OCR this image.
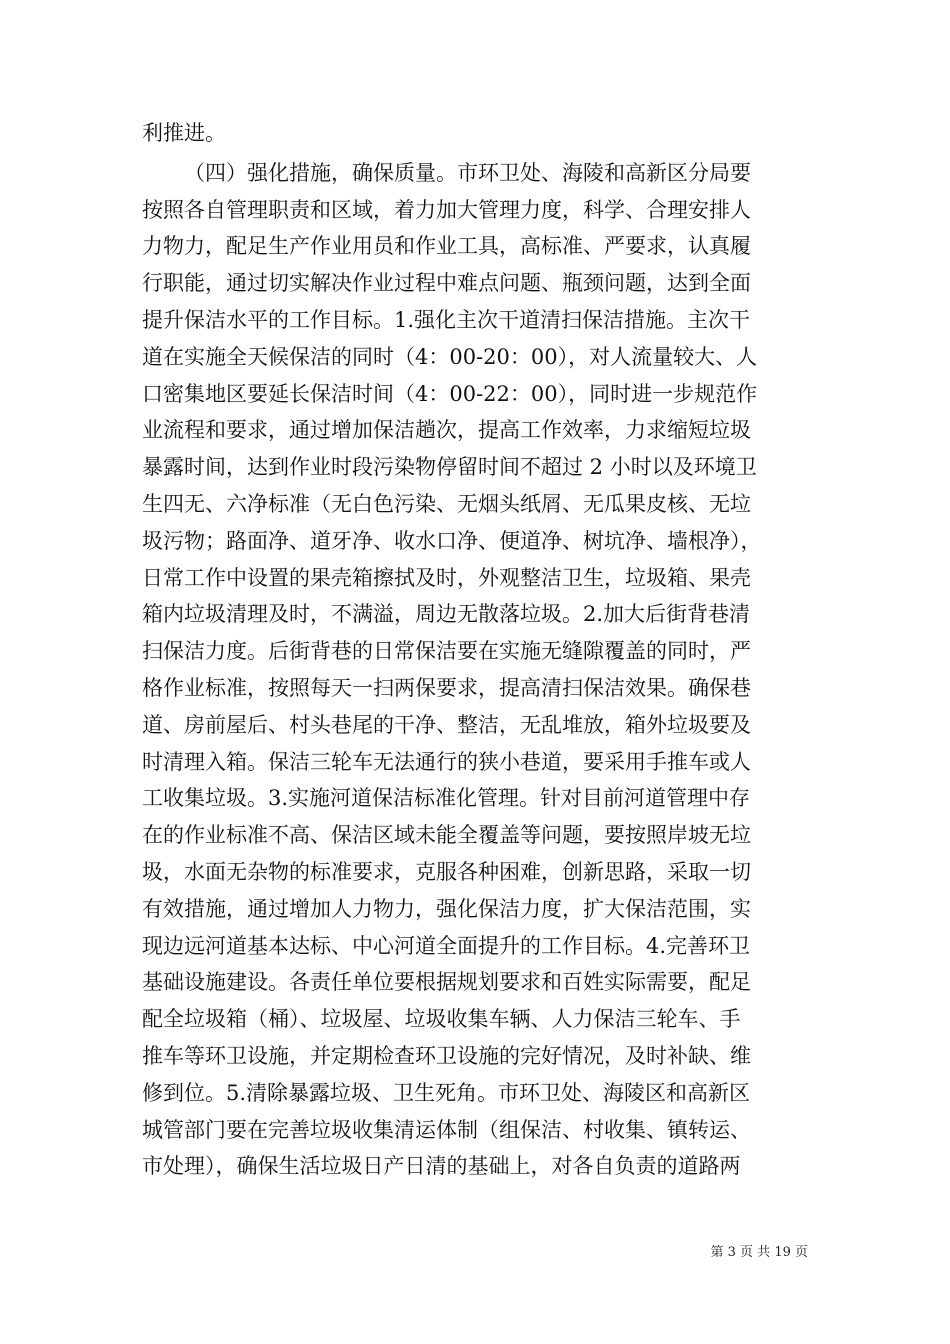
利推进。
（四）强化措施，确保质量。市环卫处、海陵和高新区分局要
按照各自管理职责和区域，着力加大管理力度，科学、合理安排人
力物力，配足生产作业用员和作业工具，高标准、严要求，认真履
行职能，通过切实解决作业过程中难点问题、瓶颈问题，达到全面
提升保洁水平的工作目标。1.强化主次干道清扫保洁措施。主次干
道在实施全天候保洁的同时（4：00-20：00），对人流量较大、人
口密集地区要延长保洁时间（4：00-22：00），同时进一步规范作
业流程和要求，通过增加保洁趟次，提高工作效率，力求缩短垃圾
暴露时间，达到作业时段污染物停留时间不超过 2 小时以及环境卫
生四无、六净标准（无白色污染、无烟头纸屑、无瓜果皮核、无垃
圾污物；路面净、道牙净、收水口净、便道净、树坑净、墙根净），
日常工作中设置的果壳箱擦拭及时，外观整洁卫生，垃圾箱、果壳
箱内垃圾清理及时，不满溢，周边无散落垃圾。2.加大后街背巷清
扫保洁力度。后街背巷的日常保洁要在实施无缝隙覆盖的同时，严
格作业标准，按照每天一扫两保要求，提高清扫保洁效果。确保巷
道、房前屋后、村头巷尾的干净、整洁，无乱堆放，箱外垃圾要及
时清理入箱。保洁三轮车无法通行的狭小巷道，要采用手推车或人
工收集垃圾。3.实施河道保洁标准化管理。针对目前河道管理中存
在的作业标准不高、保洁区域未能全覆盖等问题，要按照岸坡无垃
圾，水面无杂物的标准要求，克服各种困难，创新思路，采取一切
有效措施，通过增加人力物力，强化保洁力度，扩大保洁范围，实
现边远河道基本达标、中心河道全面提升的工作目标。4.完善环卫
基础设施建设。各责任单位要根据规划要求和百姓实际需要，配足
配全垃圾箱（桶）、垃圾屋、垃圾收集车辆、人力保洁三轮车、手
推车等环卫设施，并定期检查环卫设施的完好情况，及时补缺、维
修到位。5.清除暴露垃圾、卫生死角。市环卫处、海陵区和高新区
城管部门要在完善垃圾收集清运体制（组保洁、村收集、镇转运、
市处理），确保生活垃圾日产日清的基础上，对各自负责的道路两
第 3 页 共 19 页
